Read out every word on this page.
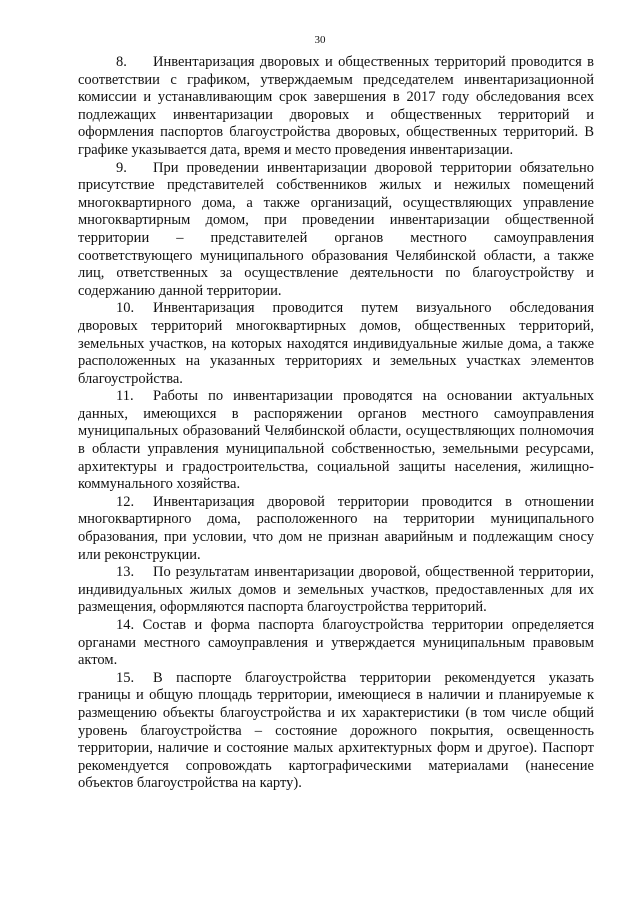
30

8. Инвентаризация дворовых и общественных территорий проводится в соответствии с графиком, утверждаемым председателем инвентаризационной комиссии и устанавливающим срок завершения в 2017 году обследования всех подлежащих инвентаризации дворовых и общественных территорий и оформления паспортов благоустройства дворовых, общественных территорий. В графике указывается дата, время и место проведения инвентаризации.

9. При проведении инвентаризации дворовой территории обязательно присутствие представителей собственников жилых и нежилых помещений многоквартирного дома, а также организаций, осуществляющих управление многоквартирным домом, при проведении инвентаризации общественной территории – представителей органов местного самоуправления соответствующего муниципального образования Челябинской области, а также лиц, ответственных за осуществление деятельности по благоустройству и содержанию данной территории.

10. Инвентаризация проводится путем визуального обследования дворовых территорий многоквартирных домов, общественных территорий, земельных участков, на которых находятся индивидуальные жилые дома, а также расположенных на указанных территориях и земельных участках элементов благоустройства.

11. Работы по инвентаризации проводятся на основании актуальных данных, имеющихся в распоряжении органов местного самоуправления муниципальных образований Челябинской области, осуществляющих полномочия в области управления муниципальной собственностью, земельными ресурсами, архитектуры и градостроительства, социальной защиты населения, жилищно-коммунального хозяйства.

12. Инвентаризация дворовой территории проводится в отношении многоквартирного дома, расположенного на территории муниципального образования, при условии, что дом не признан аварийным и подлежащим сносу или реконструкции.

13. По результатам инвентаризации дворовой, общественной территории, индивидуальных жилых домов и земельных участков, предоставленных для их размещения, оформляются паспорта благоустройства территорий.

14. Состав и форма паспорта благоустройства территории определяется органами местного самоуправления и утверждается муниципальным правовым актом.

15. В паспорте благоустройства территории рекомендуется указать границы и общую площадь территории, имеющиеся в наличии и планируемые к размещению объекты благоустройства и их характеристики (в том числе общий уровень благоустройства – состояние дорожного покрытия, освещенность территории, наличие и состояние малых архитектурных форм и другое). Паспорт рекомендуется сопровождать картографическими материалами (нанесение объектов благоустройства на карту).
